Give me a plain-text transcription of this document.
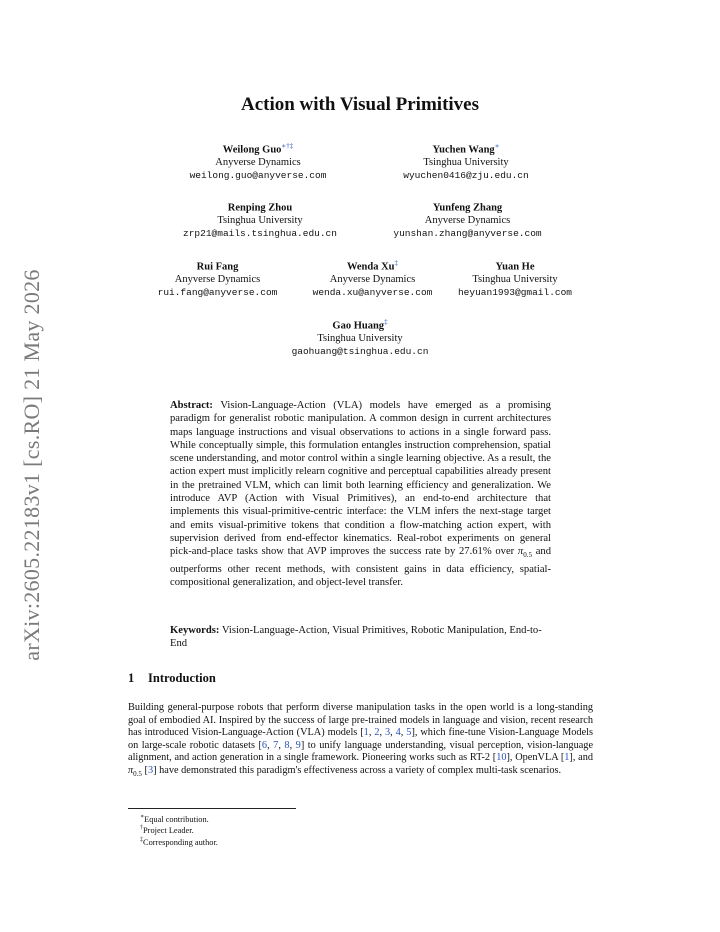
arXiv:2605.22183v1 [cs.RO] 21 May 2026
Action with Visual Primitives
Weilong Guo∗†‡
Anyverse Dynamics
weilong.guo@anyverse.com
Yuchen Wang∗
Tsinghua University
wyuchen0416@zju.edu.cn
Renping Zhou
Tsinghua University
zrp21@mails.tsinghua.edu.cn
Yunfeng Zhang
Anyverse Dynamics
yunshan.zhang@anyverse.com
Rui Fang
Anyverse Dynamics
rui.fang@anyverse.com
Wenda Xu‡
Anyverse Dynamics
wenda.xu@anyverse.com
Yuan He
Tsinghua University
heyuan1993@gmail.com
Gao Huang‡
Tsinghua University
gaohuang@tsinghua.edu.cn
Abstract: Vision-Language-Action (VLA) models have emerged as a promising paradigm for generalist robotic manipulation. A common design in current architectures maps language instructions and visual observations to actions in a single forward pass. While conceptually simple, this formulation entangles instruction comprehension, spatial scene understanding, and motor control within a single learning objective. As a result, the action expert must implicitly relearn cognitive and perceptual capabilities already present in the pretrained VLM, which can limit both learning efficiency and generalization. We introduce AVP (Action with Visual Primitives), an end-to-end architecture that implements this visual-primitive-centric interface: the VLM infers the next-stage target and emits visual-primitive tokens that condition a flow-matching action expert, with supervision derived from end-effector kinematics. Real-robot experiments on general pick-and-place tasks show that AVP improves the success rate by 27.61% over $\pi_{0.5}$ and outperforms other recent methods, with consistent gains in data efficiency, spatial-compositional generalization, and object-level transfer.
Keywords: Vision-Language-Action, Visual Primitives, Robotic Manipulation, End-to-End
1 Introduction
Building general-purpose robots that perform diverse manipulation tasks in the open world is a long-standing goal of embodied AI. Inspired by the success of large pre-trained models in language and vision, recent research has introduced Vision-Language-Action (VLA) models [1, 2, 3, 4, 5], which fine-tune Vision-Language Models on large-scale robotic datasets [6, 7, 8, 9] to unify language understanding, visual perception, vision-language alignment, and action generation in a single framework. Pioneering works such as RT-2 [10], OpenVLA [1], and $\pi_{0.5}$ [3] have demonstrated this paradigm's effectiveness across a variety of complex multi-task scenarios.
∗Equal contribution.
†Project Leader.
‡Corresponding author.
